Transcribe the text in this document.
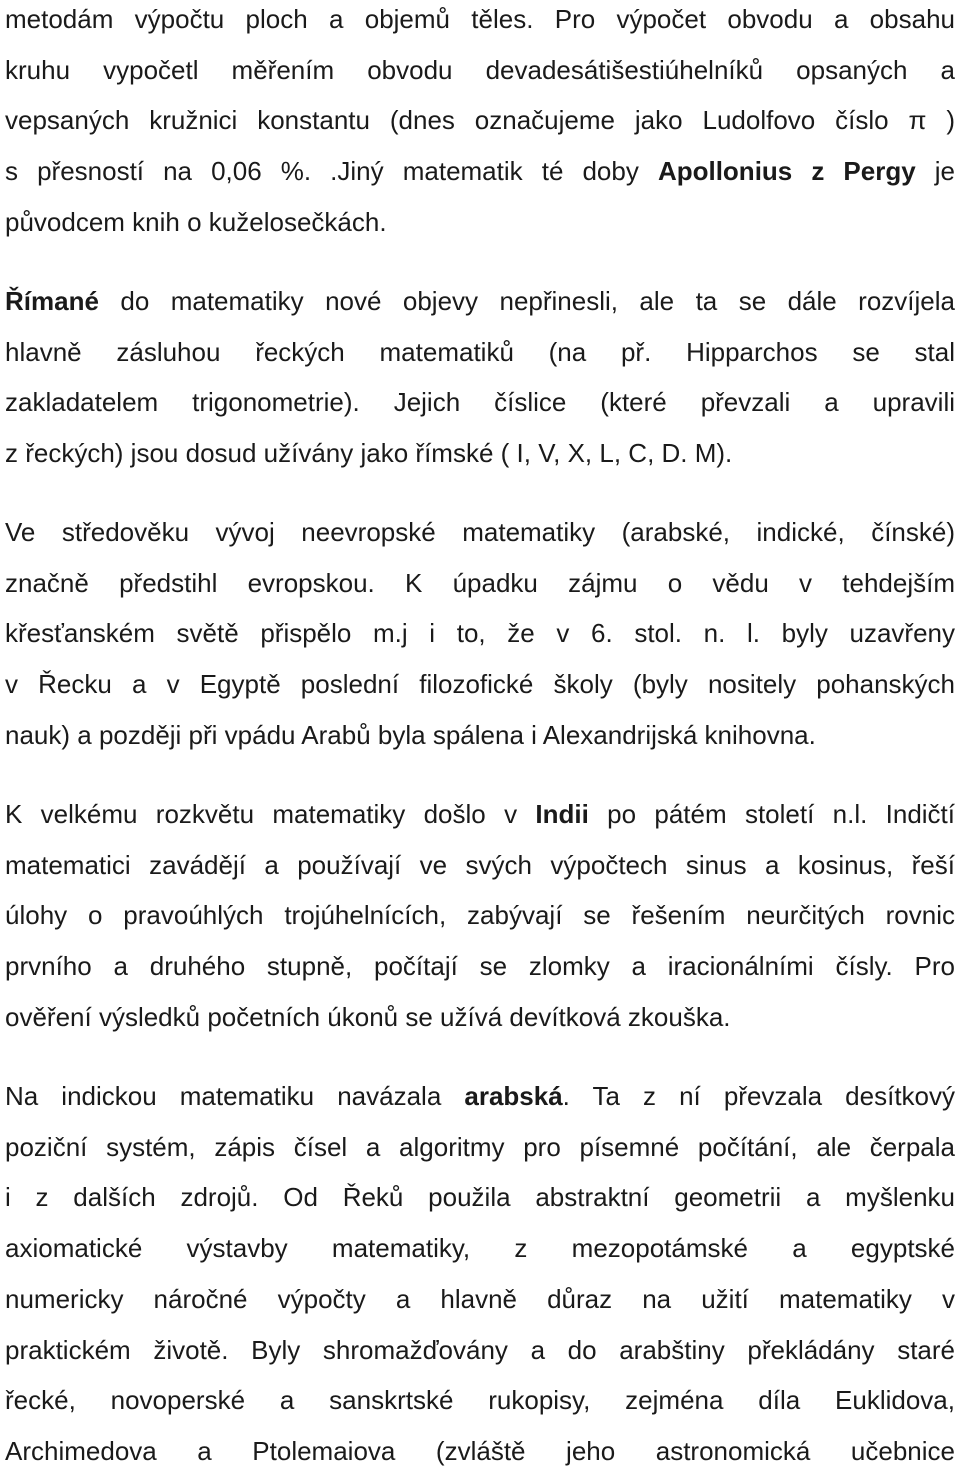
metodám výpočtu ploch a objemů těles. Pro výpočet obvodu a obsahu
kruhu vypočetl měřením obvodu devadesátišestiúhelníků opsaných a
vepsaných kružnici konstantu (dnes označujeme jako Ludolfovo číslo π )
s přesností na 0,06 %. .Jiný matematik té doby Apollonius z Pergy je
původcem knih o kuželosečkách.
Římané do matematiky nové objevy nepřinesli, ale ta se dále rozvíjela
hlavně zásluhou řeckých matematiků (na př. Hipparchos se stal
zakladatelem trigonometrie). Jejich číslice (které převzali a upravili
z řeckých) jsou dosud užívány jako římské ( I, V, X, L, C, D. M).
Ve středověku vývoj neevropské matematiky (arabské, indické, čínské)
značně předstihl evropskou. K úpadku zájmu o vědu v tehdejším
křesťanském světě přispělo m.j i to, že v 6. stol. n. l. byly uzavřeny
v Řecku a v Egyptě poslední filozofické školy (byly nositely pohanských
nauk) a později při vpádu Arabů byla spálena i Alexandrijská knihovna.
K velkému rozkvětu matematiky došlo v Indii po pátém století n.l. Indičtí
matematici zavádějí a používají ve svých výpočtech sinus a kosinus, řeší
úlohy o pravoúhlých trojúhelnících, zabývají se řešením neurčitých rovnic
prvního a druhého stupně, počítají se zlomky a iracionálními čísly. Pro
ověření výsledků početních úkonů se užívá devítková zkouška.
Na indickou matematiku navázala arabská. Ta z ní převzala desítkový
poziční systém, zápis čísel a algoritmy pro písemné počítání, ale čerpala
i z dalších zdrojů. Od Řeků použila abstraktní geometrii a myšlenku
axiomatické výstavby matematiky, z mezopotámské a egyptské
numericky náročné výpočty a hlavně důraz na užití matematiky v
praktickém životě. Byly shromažďovány a do arabštiny překládány staré
řecké, novoperské a sanskrtské rukopisy, zejména díla Euklidova,
Archimedova a Ptolemaiova (zvláště jeho astronomická učebnice
